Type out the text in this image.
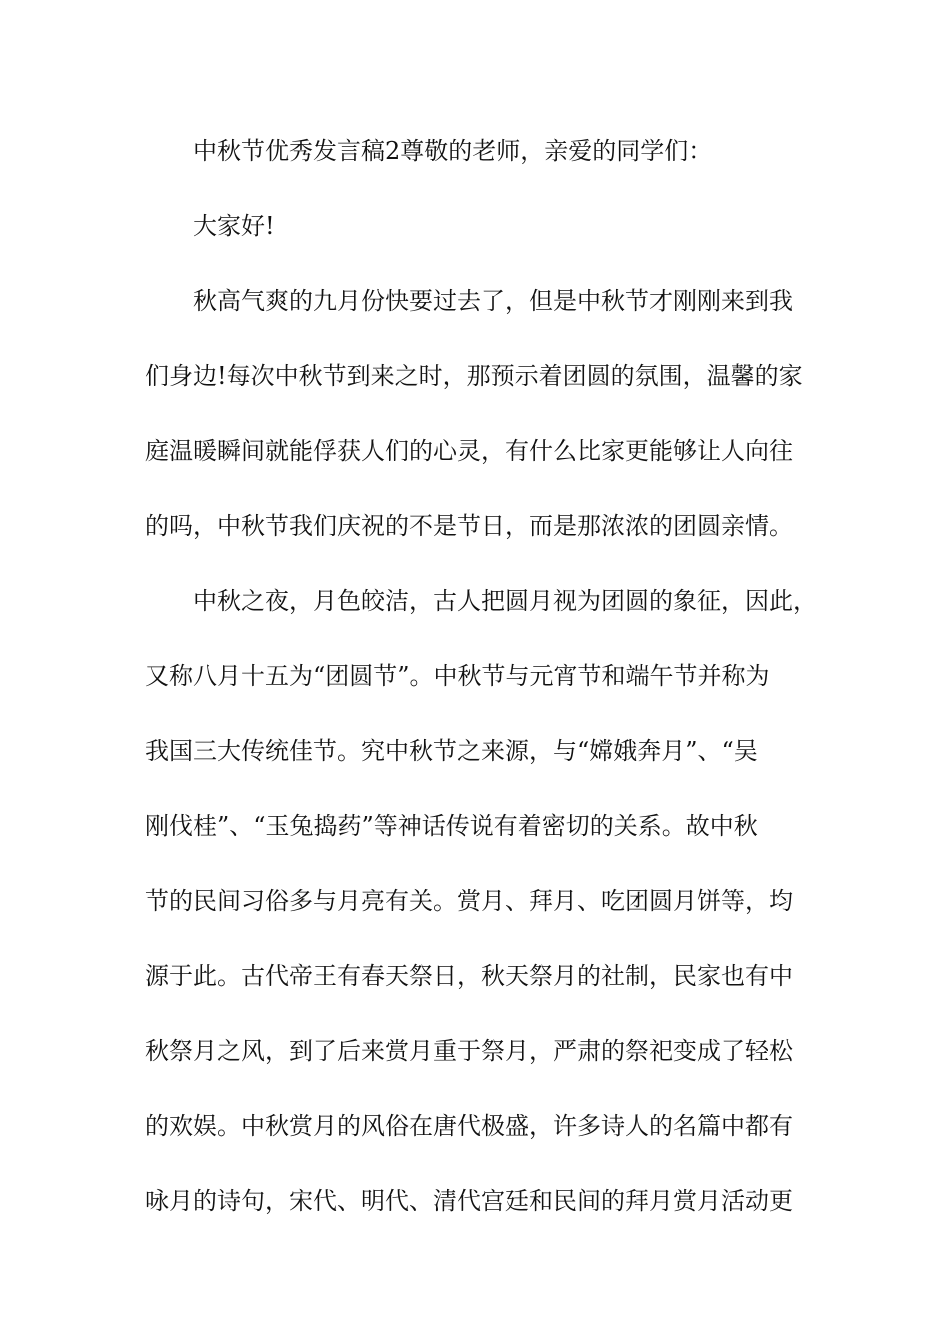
中秋节优秀发言稿2尊敬的老师，亲爱的同学们：
大家好!
秋高气爽的九月份快要过去了，但是中秋节才刚刚来到我
们身边!每次中秋节到来之时，那预示着团圆的氛围，温馨的家
庭温暖瞬间就能俘获人们的心灵，有什么比家更能够让人向往
的吗，中秋节我们庆祝的不是节日，而是那浓浓的团圆亲情。
中秋之夜，月色皎洁，古人把圆月视为团圆的象征，因此，
又称八月十五为“团圆节”。中秋节与元宵节和端午节并称为
我国三大传统佳节。究中秋节之来源，与“嫦娥奔月”、“吴
刚伐桂”、“玉兔捣药”等神话传说有着密切的关系。故中秋
节的民间习俗多与月亮有关。赏月、拜月、吃团圆月饼等，均
源于此。古代帝王有春天祭日，秋天祭月的社制，民家也有中
秋祭月之风，到了后来赏月重于祭月，严肃的祭祀变成了轻松
的欢娱。中秋赏月的风俗在唐代极盛，许多诗人的名篇中都有
咏月的诗句，宋代、明代、清代宫廷和民间的拜月赏月活动更
